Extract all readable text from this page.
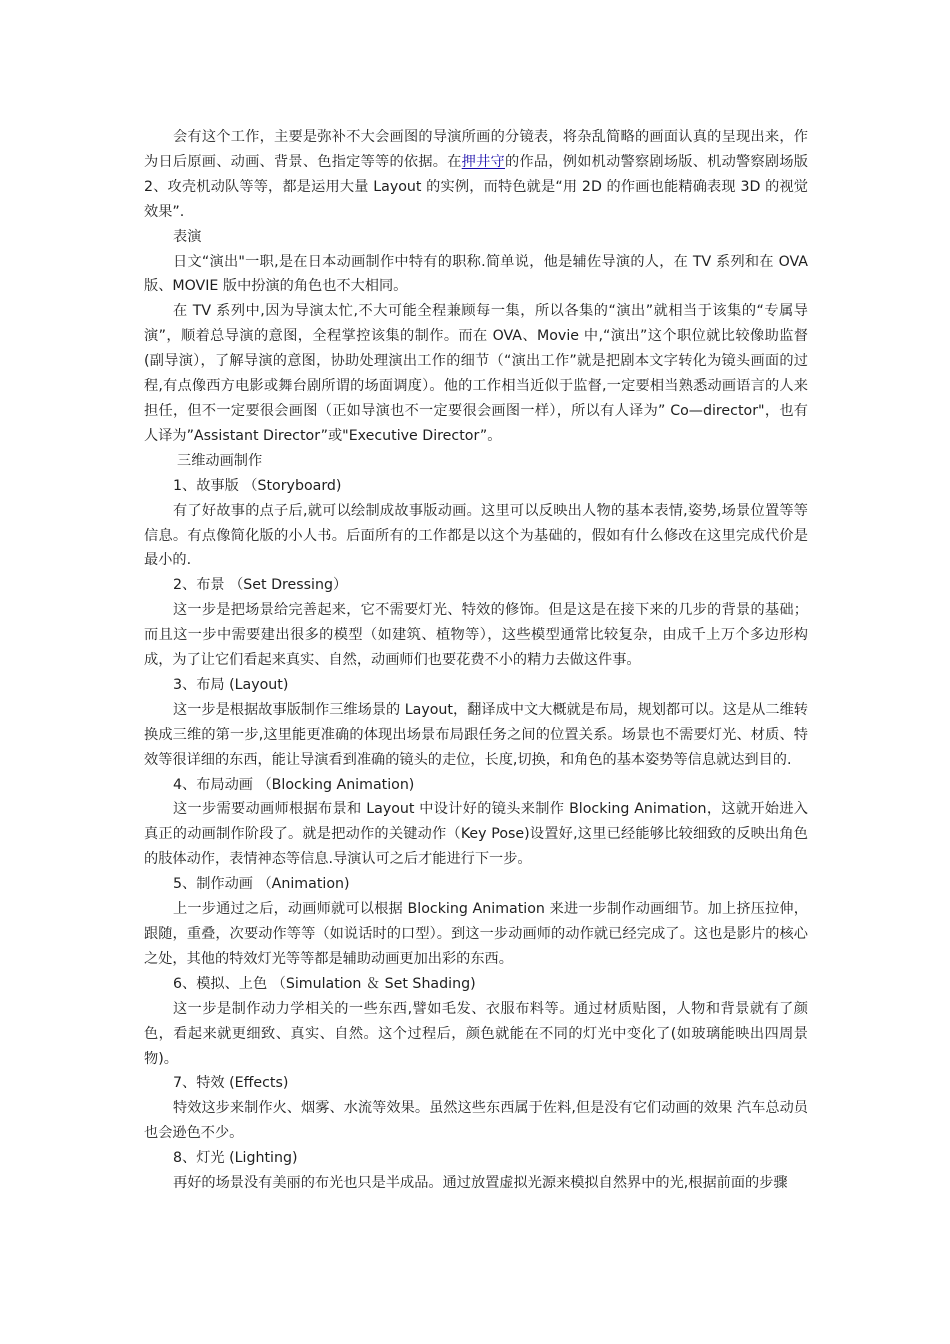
会有这个工作，主要是弥补不大会画图的导演所画的分镜表，将杂乱简略的画面认真的呈现出来，作为日后原画、动画、背景、色指定等等的依据。在押井守的作品，例如机动警察剧场版、机动警察剧场版 2、攻壳机动队等等，都是运用大量 Layout 的实例，而特色就是“用 2D 的作画也能精确表现 3D 的视觉效果”.

表演

日文“演出"一职,是在日本动画制作中特有的职称.简单说，他是辅佐导演的人，在 TV 系列和在 OVA 版、MOVIE 版中扮演的角色也不大相同。

在 TV 系列中,因为导演太忙,不大可能全程兼顾每一集，所以各集的“演出”就相当于该集的“专属导演”，顺着总导演的意图，全程掌控该集的制作。而在 OVA、Movie 中,“演出”这个职位就比较像助监督(副导演），了解导演的意图，协助处理演出工作的细节（“演出工作”就是把剧本文字转化为镜头画面的过程,有点像西方电影或舞台剧所谓的场面调度）。他的工作相当近似于监督,一定要相当熟悉动画语言的人来担任，但不一定要很会画图（正如导演也不一定要很会画图一样），所以有人译为” Co—director"，也有人译为”Assistant Director”或"Executive Director”。

三维动画制作

1、故事版 （Storyboard)

有了好故事的点子后,就可以绘制成故事版动画。这里可以反映出人物的基本表情,姿势,场景位置等等信息。有点像简化版的小人书。后面所有的工作都是以这个为基础的，假如有什么修改在这里完成代价是最小的.

2、布景 （Set Dressing）

这一步是把场景给完善起来，它不需要灯光、特效的修饰。但是这是在接下来的几步的背景的基础；而且这一步中需要建出很多的模型（如建筑、植物等），这些模型通常比较复杂，由成千上万个多边形构成，为了让它们看起来真实、自然，动画师们也要花费不小的精力去做这件事。

3、布局 (Layout)

这一步是根据故事版制作三维场景的 Layout，翻译成中文大概就是布局，规划都可以。这是从二维转换成三维的第一步,这里能更准确的体现出场景布局跟任务之间的位置关系。场景也不需要灯光、材质、特效等很详细的东西，能让导演看到准确的镜头的走位，长度,切换，和角色的基本姿势等信息就达到目的.

4、布局动画 （Blocking Animation)

这一步需要动画师根据布景和 Layout 中设计好的镜头来制作 Blocking Animation，这就开始进入真正的动画制作阶段了。就是把动作的关键动作（Key Pose)设置好,这里已经能够比较细致的反映出角色的肢体动作，表情神态等信息.导演认可之后才能进行下一步。

5、制作动画 （Animation)

上一步通过之后，动画师就可以根据 Blocking Animation 来进一步制作动画细节。加上挤压拉伸，跟随，重叠，次要动作等等（如说话时的口型）。到这一步动画师的动作就已经完成了。这也是影片的核心之处，其他的特效灯光等等都是辅助动画更加出彩的东西。

6、模拟、上色 （Simulation ＆ Set Shading)

这一步是制作动力学相关的一些东西,譬如毛发、衣服布料等。通过材质贴图，人物和背景就有了颜色，看起来就更细致、真实、自然。这个过程后，颜色就能在不同的灯光中变化了(如玻璃能映出四周景物)。

7、特效 (Effects)

特效这步来制作火、烟雾、水流等效果。虽然这些东西属于佐料,但是没有它们动画的效果 汽车总动员也会逊色不少。

8、灯光 (Lighting)

再好的场景没有美丽的布光也只是半成品。通过放置虚拟光源来模拟自然界中的光,根据前面的步骤
